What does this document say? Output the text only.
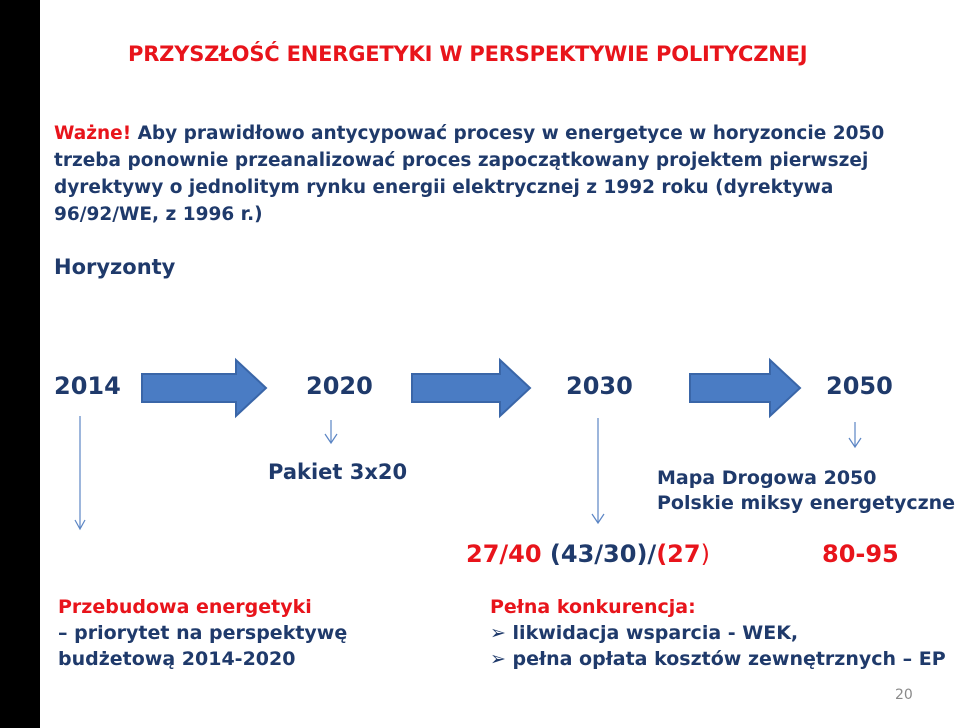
PRZYSZŁOŚĆ ENERGETYKI W PERSPEKTYWIE POLITYCZNEJ
Ważne! Aby prawidłowo antycypować procesy w energetyce w horyzoncie 2050 trzeba ponownie przeanalizować proces zapoczątkowany projektem pierwszej dyrektywy o jednolitym rynku energii elektrycznej z 1992 roku (dyrektywa 96/92/WE, z 1996 r.)
Horyzonty
2014	2020	2030	2050
Pakiet 3x20	Mapa Drogowa 2050
Polskie miksy energetyczne
27/40 (43/30)/(27)	80-95
Przebudowa energetyki
– priorytet na perspektywę
budżetową 2014-2020
Pełna konkurencja:
➢ likwidacja wsparcia - WEK,
➢ pełna opłata kosztów zewnętrznych – EP
20
